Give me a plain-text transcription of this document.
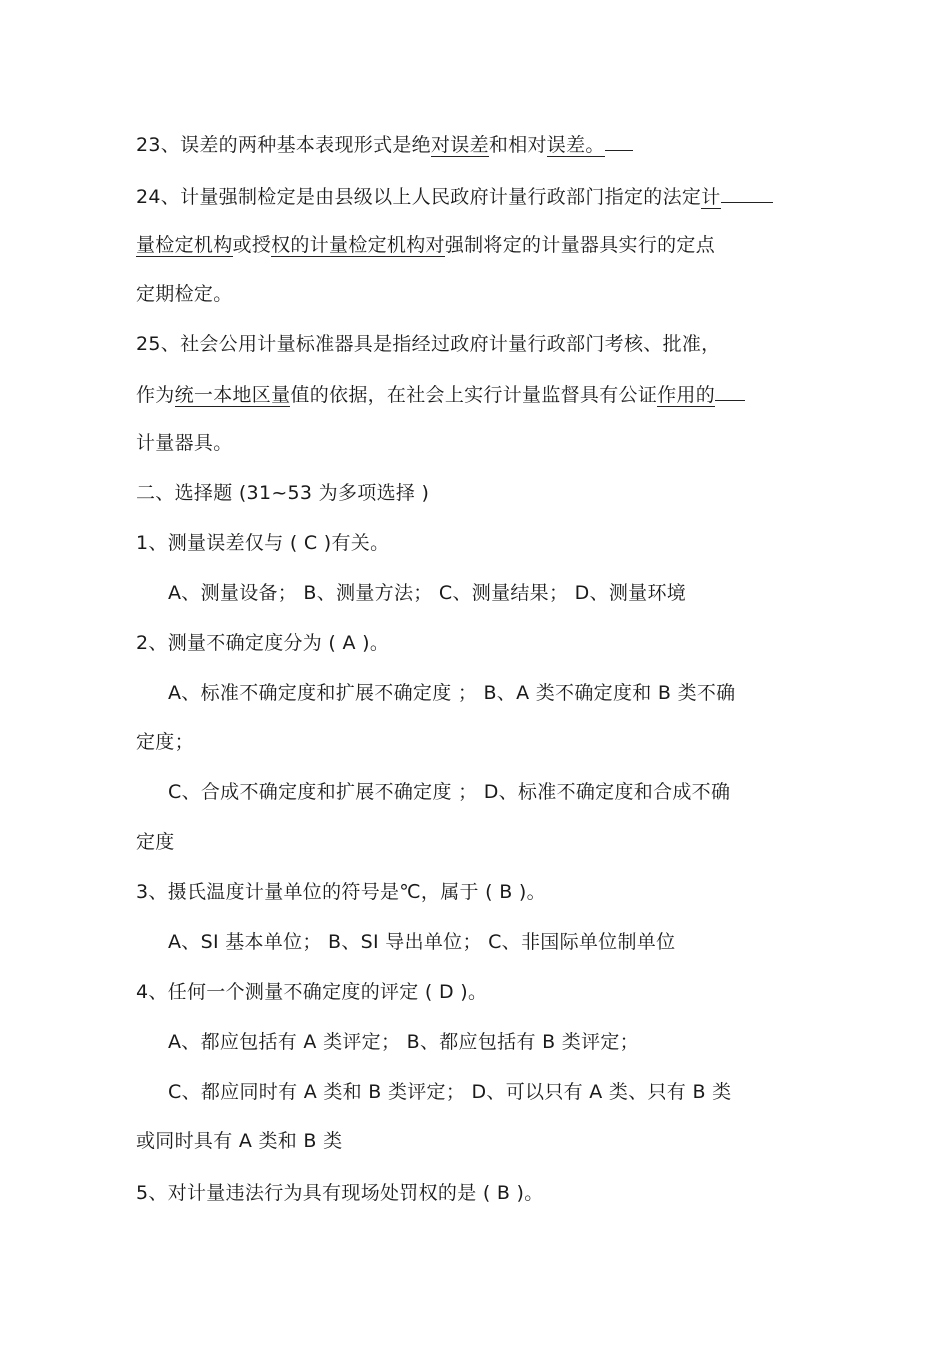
23、误差的两种基本表现形式是绝对误差和相对误差。
24、计量强制检定是由县级以上人民政府计量行政部门指定的法定计
量检定机构或授权的计量检定机构对强制将定的计量器具实行的定点
定期检定。
25、社会公用计量标准器具是指经过政府计量行政部门考核、批准，
作为统一本地区量值的依据，在社会上实行计量监督具有公证作用的
计量器具。
二、选择题 (31~53 为多项选择 )
1、测量误差仅与 ( C )有关。
A、测量设备； B、测量方法； C、测量结果； D、测量环境
2、测量不确定度分为 ( A )。
A、标准不确定度和扩展不确定度 ； B、A 类不确定度和 B 类不确
定度；
C、合成不确定度和扩展不确定度 ； D、标准不确定度和合成不确
定度
3、摄氏温度计量单位的符号是℃，属于 ( B )。
A、SI 基本单位； B、SI 导出单位； C、非国际单位制单位
4、任何一个测量不确定度的评定 ( D )。
A、都应包括有 A 类评定； B、都应包括有 B 类评定；
C、都应同时有 A 类和 B 类评定； D、可以只有 A 类、只有 B 类
或同时具有 A 类和 B 类
5、对计量违法行为具有现场处罚权的是 ( B )。
